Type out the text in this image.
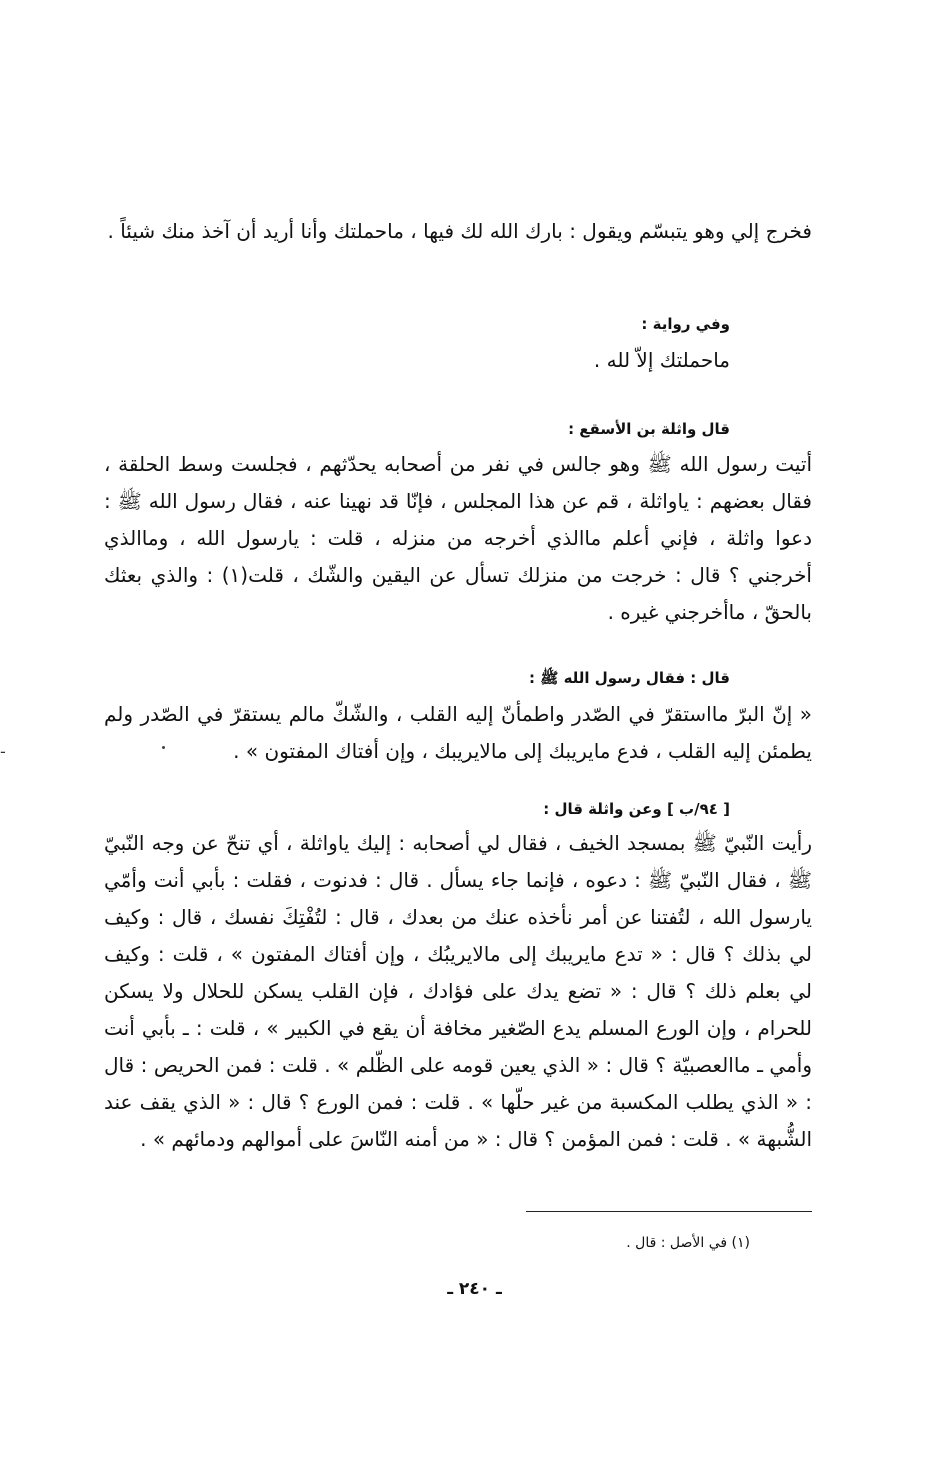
فخرج إلي وهو يتبسّم ويقول : بارك الله لك فيها ، ماحملتك وأنا أريد أن آخذ منك شيئاً .

وفي رواية :
ماحملتك إلاّ لله .
قال واثلة بن الأسقع :

أتيت رسول الله ﷺ وهو جالس في نفر من أصحابه يحدّثهم ، فجلست وسط الحلقة ، فقال بعضهم : ياواثلة ، قم عن هذا المجلس ، فإنّا قد نهينا عنه ، فقال رسول الله ﷺ : دعوا واثلة ، فإني أعلم ماالذي أخرجه من منزله ، قلت : يارسول الله ، وماالذي أخرجني ؟ قال : خرجت من منزلك تسأل عن اليقين والشّك ، قلت(١) : والذي بعثك بالحقّ ، ماأخرجني غيره .

قال : فقال رسول الله ﷺ :

« إنّ البرّ مااستقرّ في الصّدر واطمأنّ إليه القلب ، والشّكّ مالم يستقرّ في الصّدر ولم يطمئن إليه القلب ، فدع مايريبك إلى مالايريبك ، وإن أفتاك المفتون » .

[ ٩٤/ب ] وعن واثلة قال :

رأيت النّبيّ ﷺ بمسجد الخيف ، فقال لي أصحابه : إليك ياواثلة ، أي تنحّ عن وجه النّبيّ ﷺ ، فقال النّبيّ ﷺ : دعوه ، فإنما جاء يسأل . قال : فدنوت ، فقلت : بأبي أنت وأمّي يارسول الله ، لتُفتنا عن أمر نأخذه عنك من بعدك ، قال : لتُفْتِكَ نفسك ، قال : وكيف لي بذلك ؟ قال : « تدع مايريبك إلى مالايريبُك ، وإن أفتاك المفتون » ، قلت : وكيف لي بعلم ذلك ؟ قال : « تضع يدك على فؤادك ، فإن القلب يسكن للحلال ولا يسكن للحرام ، وإن الورع المسلم يدع الصّغير مخافة أن يقع في الكبير » ، قلت : ـ بأبي أنت وأمي ـ ماالعصبيّة ؟ قال : « الذي يعين قومه على الظّلم » . قلت : فمن الحريص : قال : « الذي يطلب المكسبة من غير حلّها » . قلت : فمن الورع ؟ قال : « الذي يقف عند الشُّبهة » . قلت : فمن المؤمن ؟ قال : « من أمنه النّاسَ على أموالهم ودمائهم » .

(١) في الأصل : قال .
ـ ٢٤٠ ـ
-
